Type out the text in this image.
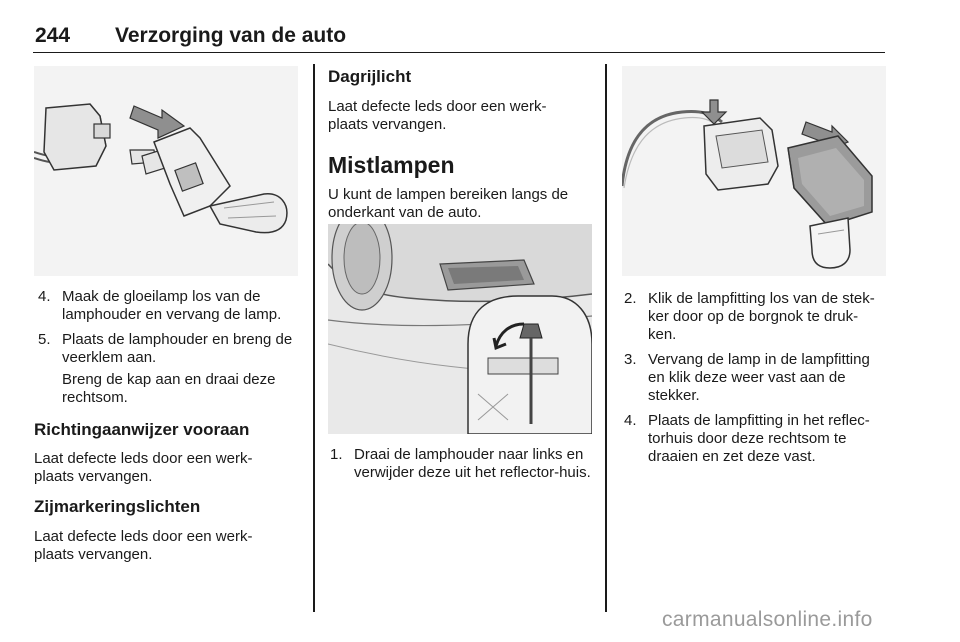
244 Verzorging van de auto
4. Maak de gloeilamp los van de lamphouder en vervang de lamp.
5. Plaats de lamphouder en breng de veerklem aan.
Breng de kap aan en draai deze rechtsom.
Richtingaanwijzer vooraan
Laat defecte leds door een werk-plaats vervangen.
Zijmarkeringslichten
Laat defecte leds door een werk-plaats vervangen.
Dagrijlicht
Laat defecte leds door een werk-plaats vervangen.
Mistlampen
U kunt de lampen bereiken langs de onderkant van de auto.
1. Draai de lamphouder naar links en verwijder deze uit het reflector-huis.
2. Klik de lampfitting los van de stek-ker door op de borgnok te druk-ken.
3. Vervang de lamp in de lampfitting en klik deze weer vast aan de stekker.
4. Plaats de lampfitting in het reflec-torhuis door deze rechtsom te draaien en zet deze vast.
carmanualsonline.info
